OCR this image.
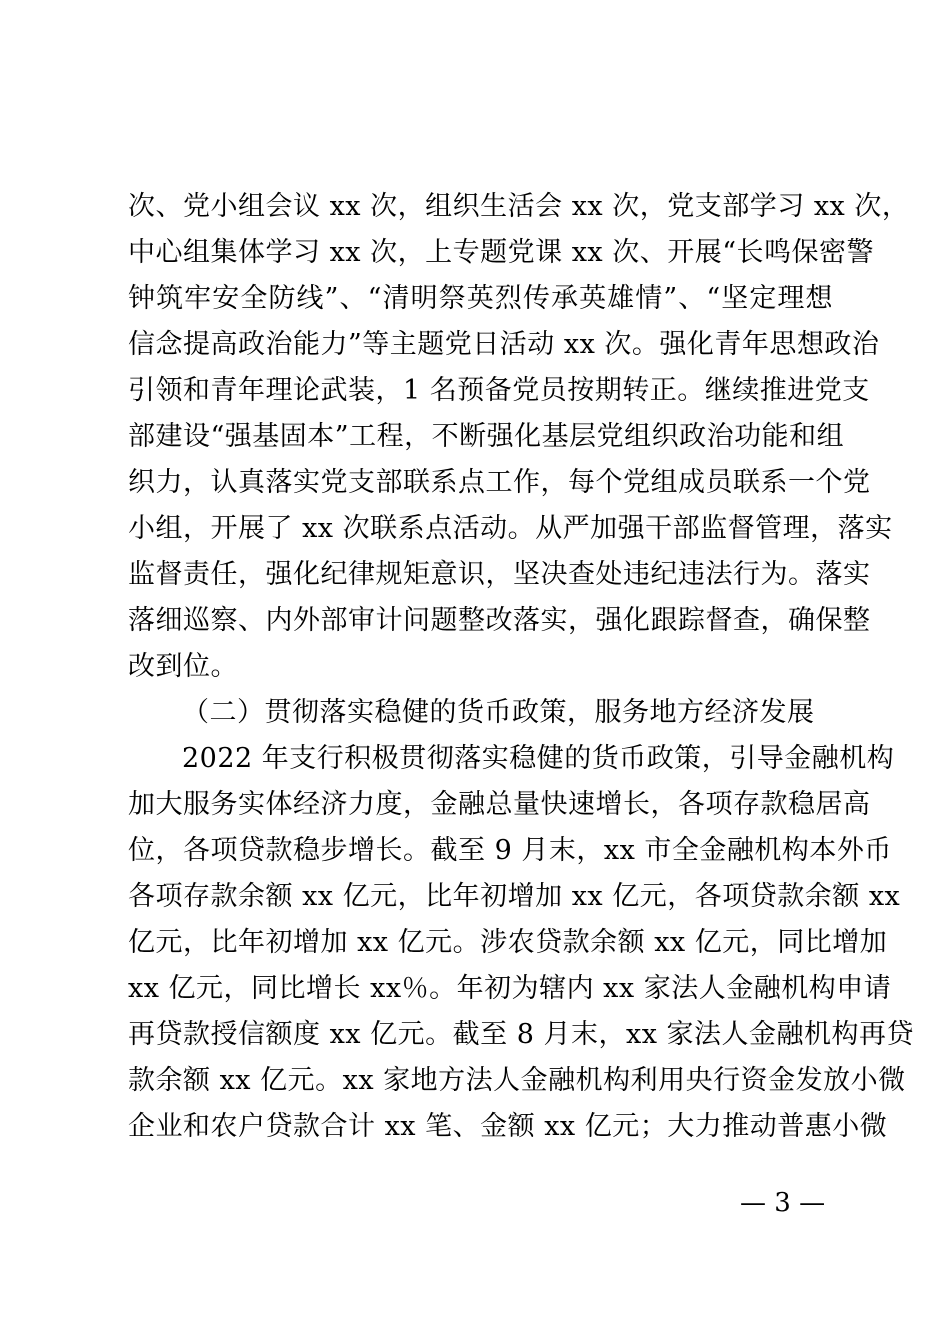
次、党小组会议 xx 次，组织生活会 xx 次，党支部学习 xx 次，
中心组集体学习 xx 次，上专题党课 xx 次、开展“长鸣保密警
钟筑牢安全防线”、“清明祭英烈传承英雄情”、“坚定理想
信念提高政治能力”等主题党日活动 xx 次。强化青年思想政治
引领和青年理论武装，1 名预备党员按期转正。继续推进党支
部建设“强基固本”工程，不断强化基层党组织政治功能和组
织力，认真落实党支部联系点工作，每个党组成员联系一个党
小组，开展了 xx 次联系点活动。从严加强干部监督管理，落实
监督责任，强化纪律规矩意识，坚决查处违纪违法行为。落实
落细巡察、内外部审计问题整改落实，强化跟踪督查，确保整
改到位。
（二）贯彻落实稳健的货币政策，服务地方经济发展
2022 年支行积极贯彻落实稳健的货币政策，引导金融机构
加大服务实体经济力度，金融总量快速增长，各项存款稳居高
位，各项贷款稳步增长。截至 9 月末，xx 市全金融机构本外币
各项存款余额 xx 亿元，比年初增加 xx 亿元，各项贷款余额 xx
亿元，比年初增加 xx 亿元。涉农贷款余额 xx 亿元，同比增加
xx 亿元，同比增长 xx％。年初为辖内 xx 家法人金融机构申请
再贷款授信额度 xx 亿元。截至 8 月末，xx 家法人金融机构再贷
款余额 xx 亿元。xx 家地方法人金融机构利用央行资金发放小微
企业和农户贷款合计 xx 笔、金额 xx 亿元；大力推动普惠小微
— 3 —
